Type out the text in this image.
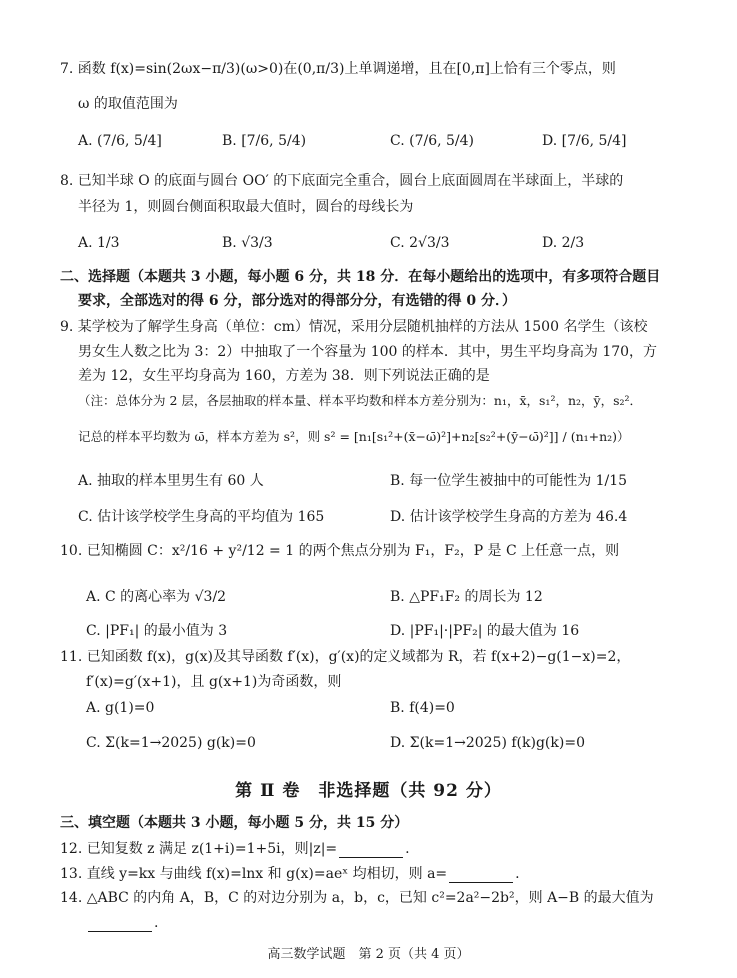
7. 函数 f(x)=sin(2ωx−π/3)(ω>0)在(0,π/3)上单调递增，且在[0,π]上恰有三个零点，则
ω 的取值范围为
A. (7/6, 5/4]	B. [7/6, 5/4)	C. (7/6, 5/4)	D. [7/6, 5/4]
8. 已知半球 O 的底面与圆台 OO′ 的下底面完全重合，圆台上底面圆周在半球面上，半球的
半径为 1，则圆台侧面积取最大值时，圆台的母线长为
A. 1/3	B. √3/3	C. 2√3/3	D. 2/3
二、选择题（本题共 3 小题，每小题 6 分，共 18 分．在每小题给出的选项中，有多项符合题目
要求，全部选对的得 6 分，部分选对的得部分分，有选错的得 0 分．）
9. 某学校为了解学生身高（单位：cm）情况，采用分层随机抽样的方法从 1500 名学生（该校
男女生人数之比为 3：2）中抽取了一个容量为 100 的样本．其中，男生平均身高为 170，方
差为 12，女生平均身高为 160，方差为 38．则下列说法正确的是
（注：总体分为 2 层，各层抽取的样本量、样本平均数和样本方差分别为：n₁，x̄，s₁²，n₂，ȳ，s₂²．
记总的样本平均数为 ω̄，样本方差为 s²，则 s² = [n₁[s₁²+(x̄−ω̄)²]+n₂[s₂²+(ȳ−ω̄)²]] / (n₁+n₂)）
A. 抽取的样本里男生有 60 人	B. 每一位学生被抽中的可能性为 1/15
C. 估计该学校学生身高的平均值为 165	D. 估计该学校学生身高的方差为 46.4
10. 已知椭圆 C：x²/16 + y²/12 = 1 的两个焦点分别为 F₁，F₂，P 是 C 上任意一点，则
A. C 的离心率为 √3/2	B. △PF₁F₂ 的周长为 12
C. |PF₁| 的最小值为 3	D. |PF₁|·|PF₂| 的最大值为 16
11. 已知函数 f(x)，g(x)及其导函数 f′(x)，g′(x)的定义域都为 R，若 f(x+2)−g(1−x)=2，
f′(x)=g′(x+1)，且 g(x+1)为奇函数，则
A. g(1)=0	B. f(4)=0
C. Σ(k=1→2025) g(k)=0	D. Σ(k=1→2025) f(k)g(k)=0
第 Ⅱ 卷　非选择题（共 92 分）
三、填空题（本题共 3 小题，每小题 5 分，共 15 分）
12. 已知复数 z 满足 z(1+i)=1+5i，则|z|=	.
13. 直线 y=kx 与曲线 f(x)=lnx 和 g(x)=aeˣ 均相切，则 a=	.
14. △ABC 的内角 A，B，C 的对边分别为 a，b，c，已知 c²=2a²−2b²，则 A−B 的最大值为
.
高三数学试题　第 2 页（共 4 页）
